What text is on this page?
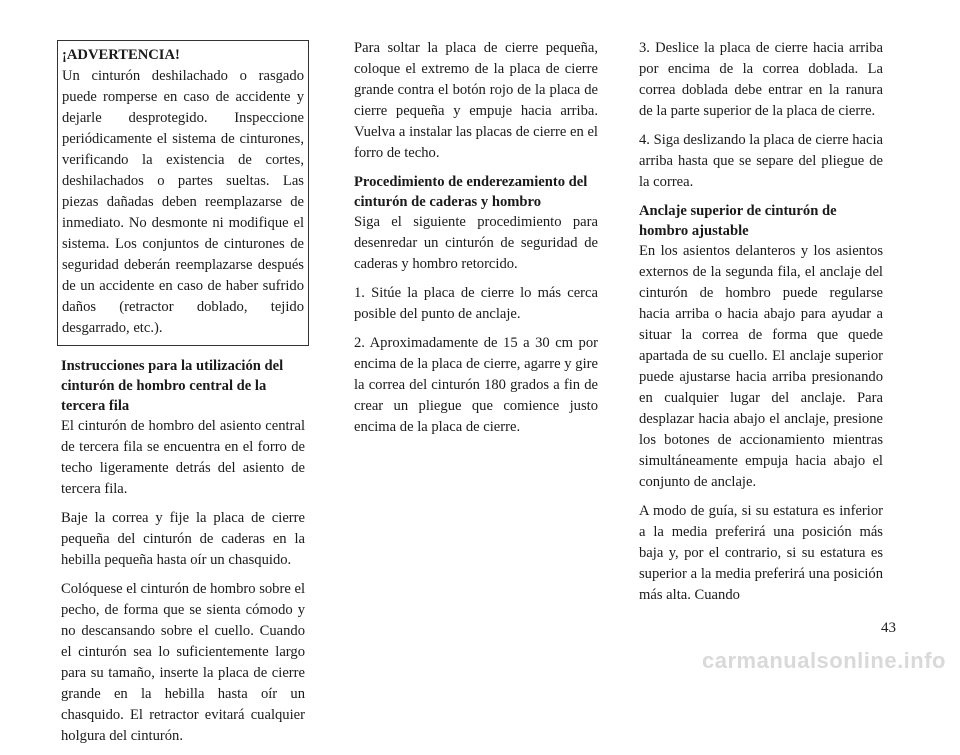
¡ADVERTENCIA!

Un cinturón deshilachado o rasgado puede romperse en caso de accidente y dejarle desprotegido. Inspeccione periódicamente el sistema de cinturones, verificando la existencia de cortes, deshilachados o partes sueltas. Las piezas dañadas deben reemplazarse de inmediato. No desmonte ni modifique el sistema. Los conjuntos de cinturones de seguridad deberán reemplazarse después de un accidente en caso de haber sufrido daños (retractor doblado, tejido desgarrado, etc.).

Instrucciones para la utilización del cinturón de hombro central de la tercera fila

El cinturón de hombro del asiento central de tercera fila se encuentra en el forro de techo ligeramente detrás del asiento de tercera fila.

Baje la correa y fije la placa de cierre pequeña del cinturón de caderas en la hebilla pequeña hasta oír un chasquido.

Colóquese el cinturón de hombro sobre el pecho, de forma que se sienta cómodo y no descansando sobre el cuello. Cuando el cinturón sea lo suficientemente largo para su tamaño, inserte la placa de cierre grande en la hebilla hasta oír un chasquido. El retractor evitará cualquier holgura del cinturón.

Para soltar la placa de cierre pequeña, coloque el extremo de la placa de cierre grande contra el botón rojo de la placa de cierre pequeña y empuje hacia arriba. Vuelva a instalar las placas de cierre en el forro de techo.

Procedimiento de enderezamiento del cinturón de caderas y hombro

Siga el siguiente procedimiento para desenredar un cinturón de seguridad de caderas y hombro retorcido.

1. Sitúe la placa de cierre lo más cerca posible del punto de anclaje.

2. Aproximadamente de 15 a 30 cm por encima de la placa de cierre, agarre y gire la correa del cinturón 180 grados a fin de crear un pliegue que comience justo encima de la placa de cierre.

3. Deslice la placa de cierre hacia arriba por encima de la correa doblada. La correa doblada debe entrar en la ranura de la parte superior de la placa de cierre.

4. Siga deslizando la placa de cierre hacia arriba hasta que se separe del pliegue de la correa.

Anclaje superior de cinturón de hombro ajustable

En los asientos delanteros y los asientos externos de la segunda fila, el anclaje del cinturón de hombro puede regularse hacia arriba o hacia abajo para ayudar a situar la correa de forma que quede apartada de su cuello. El anclaje superior puede ajustarse hacia arriba presionando en cualquier lugar del anclaje. Para desplazar hacia abajo el anclaje, presione los botones de accionamiento mientras simultáneamente empuja hacia abajo el conjunto de anclaje.

A modo de guía, si su estatura es inferior a la media preferirá una posición más baja y, por el contrario, si su estatura es superior a la media preferirá una posición más alta. Cuando

43
carmanualsonline.info
